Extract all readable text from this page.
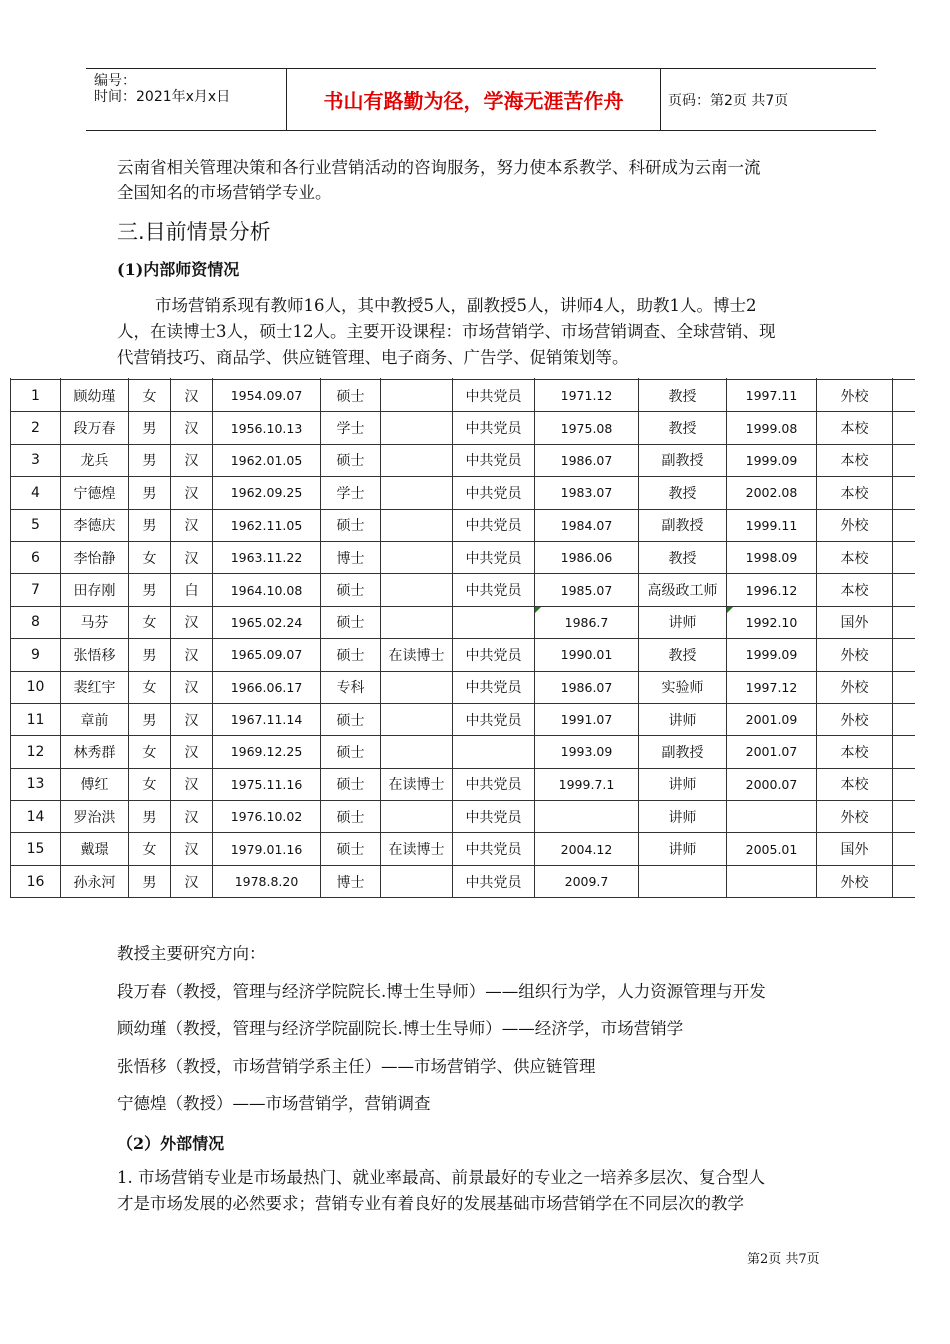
编号：
时间：2021年x月x日	书山有路勤为径，学海无涯苦作舟	页码：第2页 共7页
云南省相关管理决策和各行业营销活动的咨询服务，努力使本系教学、科研成为云南一流
全国知名的市场营销学专业。
三.目前情景分析
(1)内部师资情况
市场营销系现有教师16人，其中教授5人，副教授5人，讲师4人，助教1人。博士2
人，在读博士3人，硕士12人。主要开设课程：市场营销学、市场营销调查、全球营销、现
代营销技巧、商品学、供应链管理、电子商务、广告学、促销策划等。

1	顾幼瑾	女	汉	1954.09.07	硕士		中共党员	1971.12	教授	1997.11	外校	
2	段万春	男	汉	1956.10.13	学士		中共党员	1975.08	教授	1999.08	本校	
3	龙兵	男	汉	1962.01.05	硕士		中共党员	1986.07	副教授	1999.09	本校	
4	宁德煌	男	汉	1962.09.25	学士		中共党员	1983.07	教授	2002.08	本校	
5	李德庆	男	汉	1962.11.05	硕士		中共党员	1984.07	副教授	1999.11	外校	
6	李怡静	女	汉	1963.11.22	博士		中共党员	1986.06	教授	1998.09	本校	
7	田存刚	男	白	1964.10.08	硕士		中共党员	1985.07	高级政工师	1996.12	本校	
8	马芬	女	汉	1965.02.24	硕士			1986.7	讲师	1992.10	国外	
9	张悟移	男	汉	1965.09.07	硕士	在读博士	中共党员	1990.01	教授	1999.09	外校	
10	裴红宇	女	汉	1966.06.17	专科		中共党员	1986.07	实验师	1997.12	外校	
11	章前	男	汉	1967.11.14	硕士		中共党员	1991.07	讲师	2001.09	外校	
12	林秀群	女	汉	1969.12.25	硕士			1993.09	副教授	2001.07	本校	
13	傅红	女	汉	1975.11.16	硕士	在读博士	中共党员	1999.7.1	讲师	2000.07	本校	
14	罗治洪	男	汉	1976.10.02	硕士		中共党员		讲师		外校	
15	戴璟	女	汉	1979.01.16	硕士	在读博士	中共党员	2004.12	讲师	2005.01	国外	
16	孙永河	男	汉	1978.8.20	博士		中共党员	2009.7			外校	
教授主要研究方向：
段万春（教授，管理与经济学院院长.博士生导师）——组织行为学，人力资源管理与开发
顾幼瑾（教授，管理与经济学院副院长.博士生导师）——经济学，市场营销学
张悟移（教授，市场营销学系主任）——市场营销学、供应链管理
宁德煌（教授）——市场营销学，营销调查
（2）外部情况
1. 市场营销专业是市场最热门、就业率最高、前景最好的专业之一培养多层次、复合型人
才是市场发展的必然要求；营销专业有着良好的发展基础市场营销学在不同层次的教学
第2页 共7页
